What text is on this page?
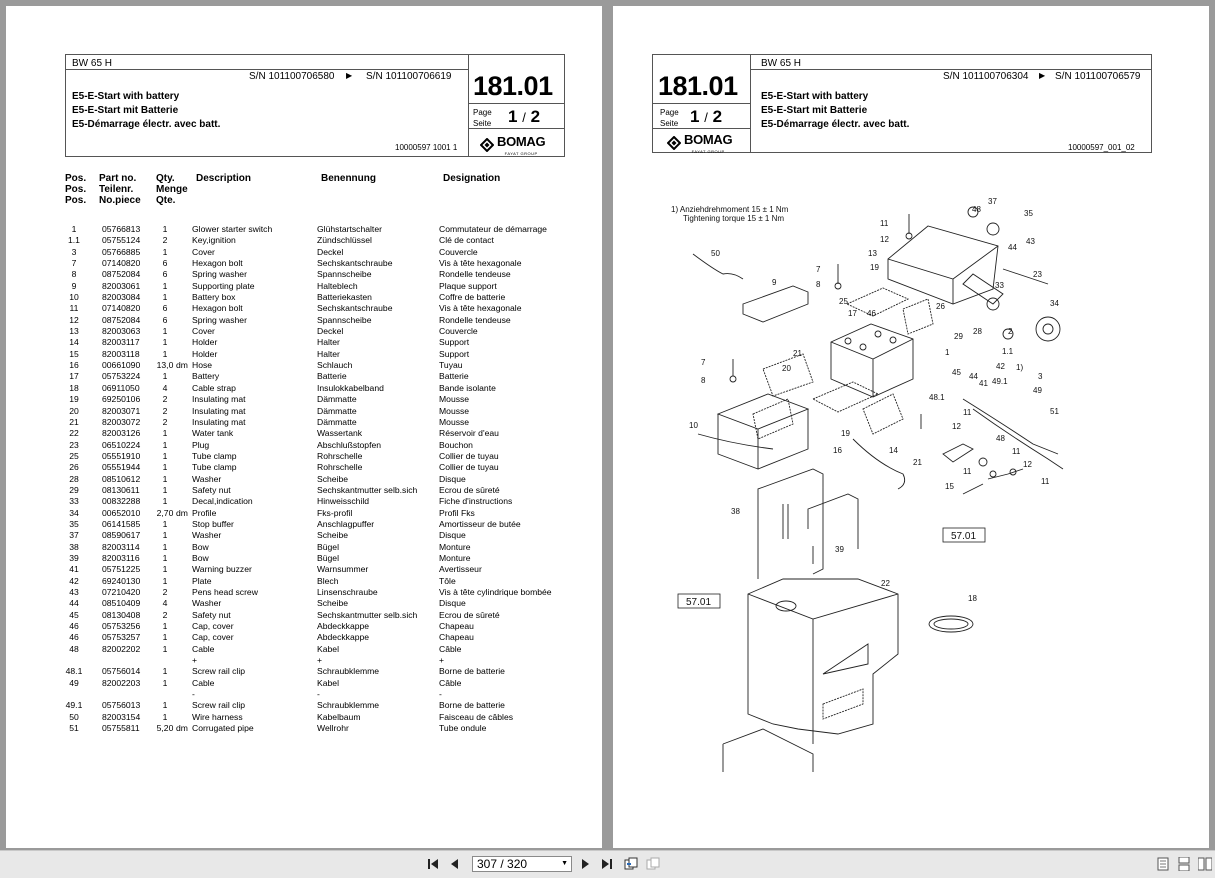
BW 65 H
S/N 101100706580 ▶ S/N 101100706619
E5-E-Start with battery
E5-E-Start mit Batterie
E5-Démarrage électr. avec batt.
10000597 1001 1
181.01
Page
Seite 1 / 2
BOMAG
FAYAT GROUP
Pos.
Pos.
Pos.
Part no.
Teilenr.
No.piece
Qty.
Menge
Qte.
Description	Benennung	Designation
1	05766813	1		Glower starter switch	Glühstartschalter	Commutateur de démarrage
1.1	05755124	2		Key,ignition	Zündschlüssel	Clé de contact
3	05766885	1		Cover	Deckel	Couvercle
7	07140820	6		Hexagon bolt	Sechskantschraube	Vis à tête hexagonale
8	08752084	6		Spring washer	Spannscheibe	Rondelle tendeuse
9	82003061	1		Supporting plate	Halteblech	Plaque support
10	82003084	1		Battery box	Batteriekasten	Coffre de batterie
11	07140820	6		Hexagon bolt	Sechskantschraube	Vis à tête hexagonale
12	08752084	6		Spring washer	Spannscheibe	Rondelle tendeuse
13	82003063	1		Cover	Deckel	Couvercle
14	82003117	1		Holder	Halter	Support
15	82003118	1		Holder	Halter	Support
16	00661090	13,0	dm	Hose	Schlauch	Tuyau
17	05753224	1		Battery	Batterie	Batterie
18	06911050	4		Cable strap	Insulokkabelband	Bande isolante
19	69250106	2		Insulating mat	Dämmatte	Mousse
20	82003071	2		Insulating mat	Dämmatte	Mousse
21	82003072	2		Insulating mat	Dämmatte	Mousse
22	82003126	1		Water tank	Wassertank	Réservoir d'eau
23	06510224	1		Plug	Abschlußstopfen	Bouchon
25	05551910	1		Tube clamp	Rohrschelle	Collier de tuyau
26	05551944	1		Tube clamp	Rohrschelle	Collier de tuyau
28	08510612	1		Washer	Scheibe	Disque
29	08130611	1		Safety nut	Sechskantmutter selb.sich	Ecrou de sûreté
33	00832288	1		Decal,indication	Hinweisschild	Fiche d'instructions
34	00652010	2,70	dm	Profile	Fks-profil	Profil Fks
35	06141585	1		Stop buffer	Anschlagpuffer	Amortisseur de butée
37	08590617	1		Washer	Scheibe	Disque
38	82003114	1		Bow	Bügel	Monture
39	82003116	1		Bow	Bügel	Monture
41	05751225	1		Warning buzzer	Warnsummer	Avertisseur
42	69240130	1		Plate	Blech	Tôle
43	07210420	2		Pens head screw	Linsenschraube	Vis à tête cylindrique bombée
44	08510409	4		Washer	Scheibe	Disque
45	08130408	2		Safety nut	Sechskantmutter selb.sich	Ecrou de sûreté
46	05753256	1		Cap, cover	Abdeckkappe	Chapeau
46	05753257	1		Cap, cover	Abdeckkappe	Chapeau
48	82002202	1		Cable	Kabel	Câble
				+	+	+
48.1	05756014	1		Screw rail clip	Schraubklemme	Borne de batterie
49	82002203	1		Cable	Kabel	Câble
				-	-	-
49.1	05756013	1		Screw rail clip	Schraubklemme	Borne de batterie
50	82003154	1		Wire harness	Kabelbaum	Faisceau de câbles
51	05755811	5,20	dm	Corrugated pipe	Wellrohr	Tube ondule
BW 65 H
181.01
Page
Seite 1 / 2
BOMAG
FAYAT GROUP
S/N 101100706304 ▶ S/N 101100706579
E5-E-Start with battery
E5-E-Start mit Batterie
E5-Démarrage électr. avec batt.
10000597_001_02
1) Anziehdrehmoment 15 ± 1 Nm
Tightening torque 15 ± 1 Nm
50
11
12
13
37
48	35
44
43
9
7
8
25
19
33
23
34
17 46
26
29
28
21
20
1	1.1
2
3
7
8
45 44
41
42
49.1
1)
48.1
49
51
10
11
12
19
16	14
48
11
21
11
12
15
11
38
39
22
18
57.01
57.01
307 / 320	▼
